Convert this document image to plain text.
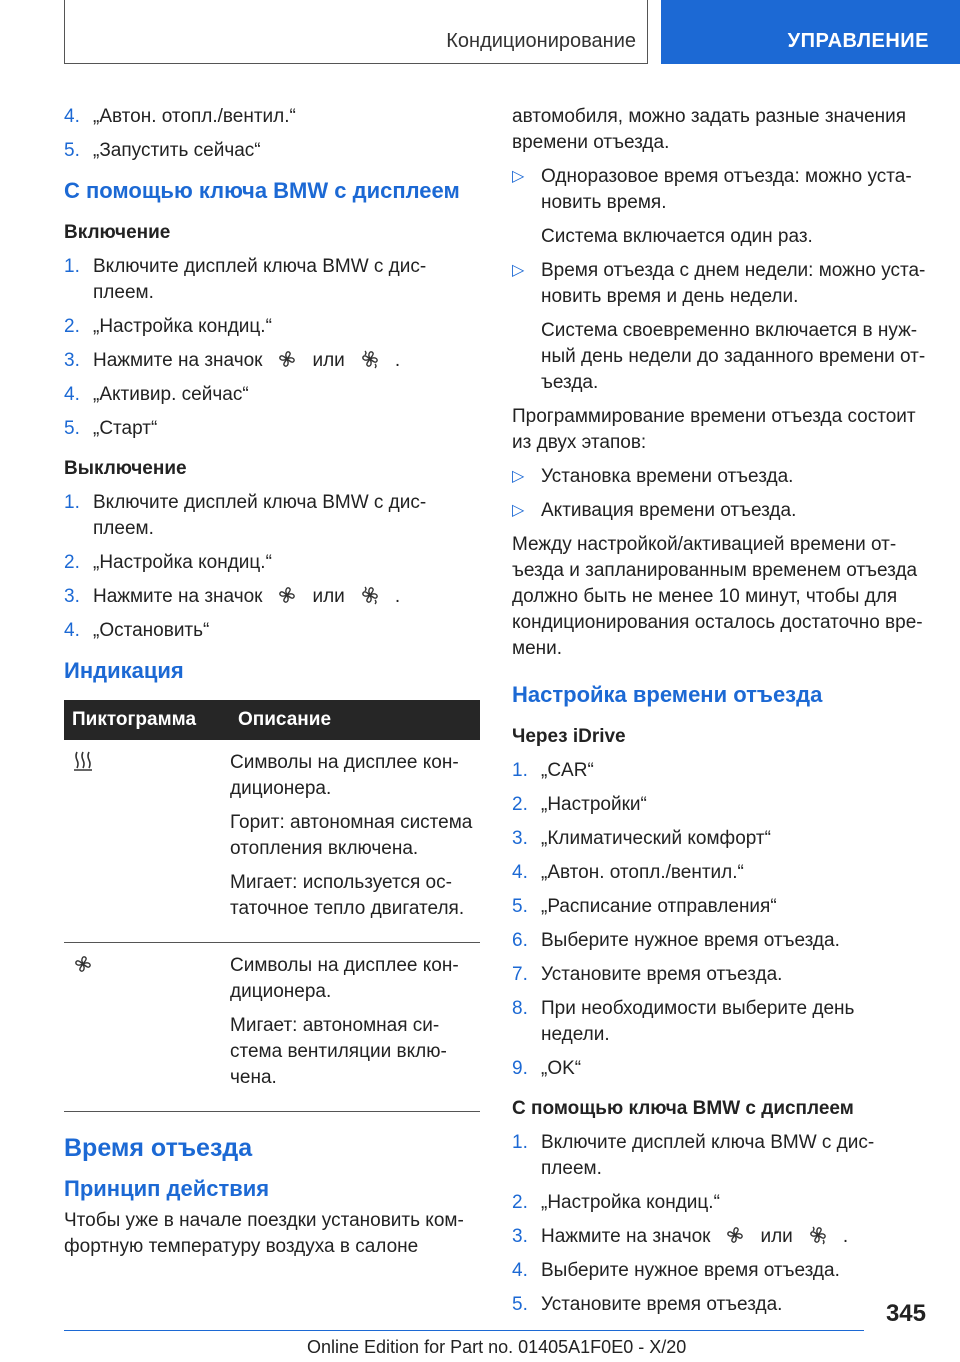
Кондиционирование	УПРАВЛЕНИЕ
4. „Автон. отопл./вентил.“
5. „Запустить сейчас“
С помощью ключа BMW с дисплеем
Включение
1. Включите дисплей ключа BMW с дис-плеем.
2. „Настройка кондиц.“
3. Нажмите на значок	или	.
4. „Активир. сейчас“
5. „Старт“
Выключение
1. Включите дисплей ключа BMW с дис-плеем.
2. „Настройка кондиц.“
3. Нажмите на значок	или	.
4. „Остановить“
Индикация
Пиктограмма	Описание

Символы на дисплее кон-диционера.
Горит: автономная система отопления включена.
Мигает: используется ос-таточное тепло двигателя.

Символы на дисплее кон-диционера.
Мигает: автономная си-стема вентиляции вклю-чена.
Время отъезда
Принцип действия
Чтобы уже в начале поездки установить ком-фортную температуру воздуха в салоне
автомобиля, можно задать разные значения времени отъезда.
▷ Одноразовое время отъезда: можно уста-новить время.
Система включается один раз.
▷ Время отъезда с днем недели: можно уста-новить время и день недели.
Система своевременно включается в нуж-ный день недели до заданного времени от-ъезда.
Программирование времени отъезда состоит из двух этапов:
▷ Установка времени отъезда.
▷ Активация времени отъезда.
Между настройкой/активацией времени от-ъезда и запланированным временем отъезда должно быть не менее 10 минут, чтобы для кондиционирования осталось достаточно вре-мени.
Настройка времени отъезда
Через iDrive
1. „CAR“
2. „Настройки“
3. „Климатический комфорт“
4. „Автон. отопл./вентил.“
5. „Расписание отправления“
6. Выберите нужное время отъезда.
7. Установите время отъезда.
8. При необходимости выберите день недели.
9. „OK“
С помощью ключа BMW с дисплеем
1. Включите дисплей ключа BMW с дис-плеем.
2. „Настройка кондиц.“
3. Нажмите на значок	или	.
4. Выберите нужное время отъезда.
5. Установите время отъезда.	345
Online Edition for Part no. 01405A1F0E0 - X/20
